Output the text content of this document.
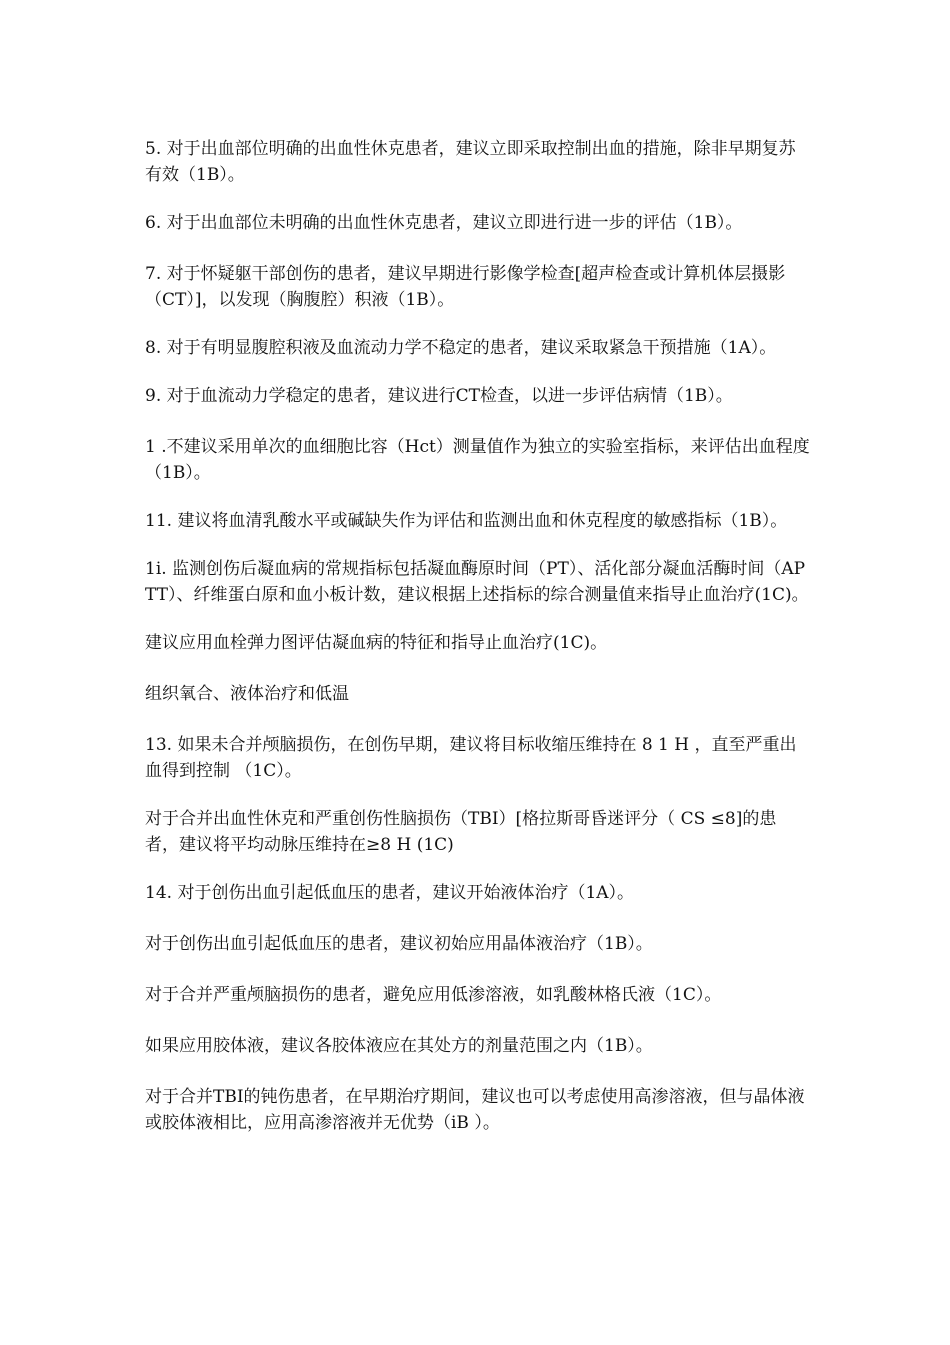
5. 对于出血部位明确的出血性休克患者，建议立即采取控制出血的措施，除非早期复苏有效（1B）。

6. 对于出血部位未明确的出血性休克患者，建议立即进行进一步的评估（1B）。

7. 对于怀疑躯干部创伤的患者，建议早期进行影像学检查[超声检查或计算机体层摄影（CT）]，以发现（胸腹腔）积液（1B）。

8. 对于有明显腹腔积液及血流动力学不稳定的患者，建议采取紧急干预措施（1A）。

9. 对于血流动力学稳定的患者，建议进行CT检查，以进一步评估病情（1B）。

1 .不建议采用单次的血细胞比容（Hct）测量值作为独立的实验室指标，来评估出血程度（1B）。

11. 建议将血清乳酸水平或碱缺失作为评估和监测出血和休克程度的敏感指标（1B）。

1i. 监测创伤后凝血病的常规指标包括凝血酶原时间（PT）、活化部分凝血活酶时间（APTT）、纤维蛋白原和血小板计数，建议根据上述指标的综合测量值来指导止血治疗(1C)。

建议应用血栓弹力图评估凝血病的特征和指导止血治疗(1C)。

组织氧合、液体治疗和低温

13. 如果未合并颅脑损伤，在创伤早期，建议将目标收缩压维持在 8 1 H ，直至严重出血得到控制 （1C）。

对于合并出血性休克和严重创伤性脑损伤（TBI）[格拉斯哥昏迷评分（ CS ≤8]的患者，建议将平均动脉压维持在≥8 H (1C)

14. 对于创伤出血引起低血压的患者，建议开始液体治疗（1A）。

对于创伤出血引起低血压的患者，建议初始应用晶体液治疗（1B）。

对于合并严重颅脑损伤的患者，避免应用低渗溶液，如乳酸林格氏液（1C）。

如果应用胶体液，建议各胶体液应在其处方的剂量范围之内（1B）。

对于合并TBI的钝伤患者，在早期治疗期间，建议也可以考虑使用高渗溶液，但与晶体液或胶体液相比，应用高渗溶液并无优势（iB ）。
